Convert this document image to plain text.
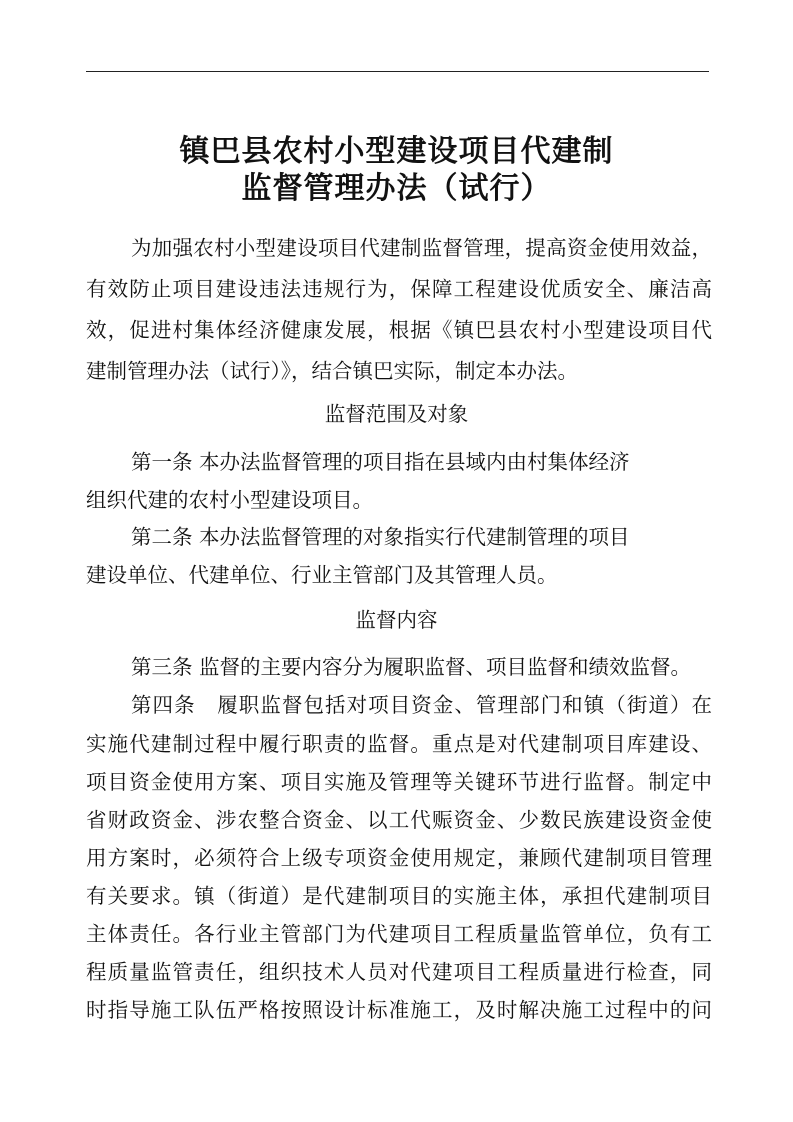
镇巴县农村小型建设项目代建制
监督管理办法（试行）
为加强农村小型建设项目代建制监督管理，提高资金使用效益，
有效防止项目建设违法违规行为，保障工程建设优质安全、廉洁高
效，促进村集体经济健康发展，根据《镇巴县农村小型建设项目代
建制管理办法（试行）》，结合镇巴实际，制定本办法。
监督范围及对象
第一条 本办法监督管理的项目指在县域内由村集体经济
组织代建的农村小型建设项目。
第二条 本办法监督管理的对象指实行代建制管理的项目
建设单位、代建单位、行业主管部门及其管理人员。
监督内容
第三条 监督的主要内容分为履职监督、项目监督和绩效监督。
第四条　履职监督包括对项目资金、管理部门和镇（街道）在
实施代建制过程中履行职责的监督。重点是对代建制项目库建设、
项目资金使用方案、项目实施及管理等关键环节进行监督。制定中
省财政资金、涉农整合资金、以工代赈资金、少数民族建设资金使
用方案时，必须符合上级专项资金使用规定，兼顾代建制项目管理
有关要求。镇（街道）是代建制项目的实施主体，承担代建制项目
主体责任。各行业主管部门为代建项目工程质量监管单位，负有工
程质量监管责任，组织技术人员对代建项目工程质量进行检查，同
时指导施工队伍严格按照设计标准施工，及时解决施工过程中的问
